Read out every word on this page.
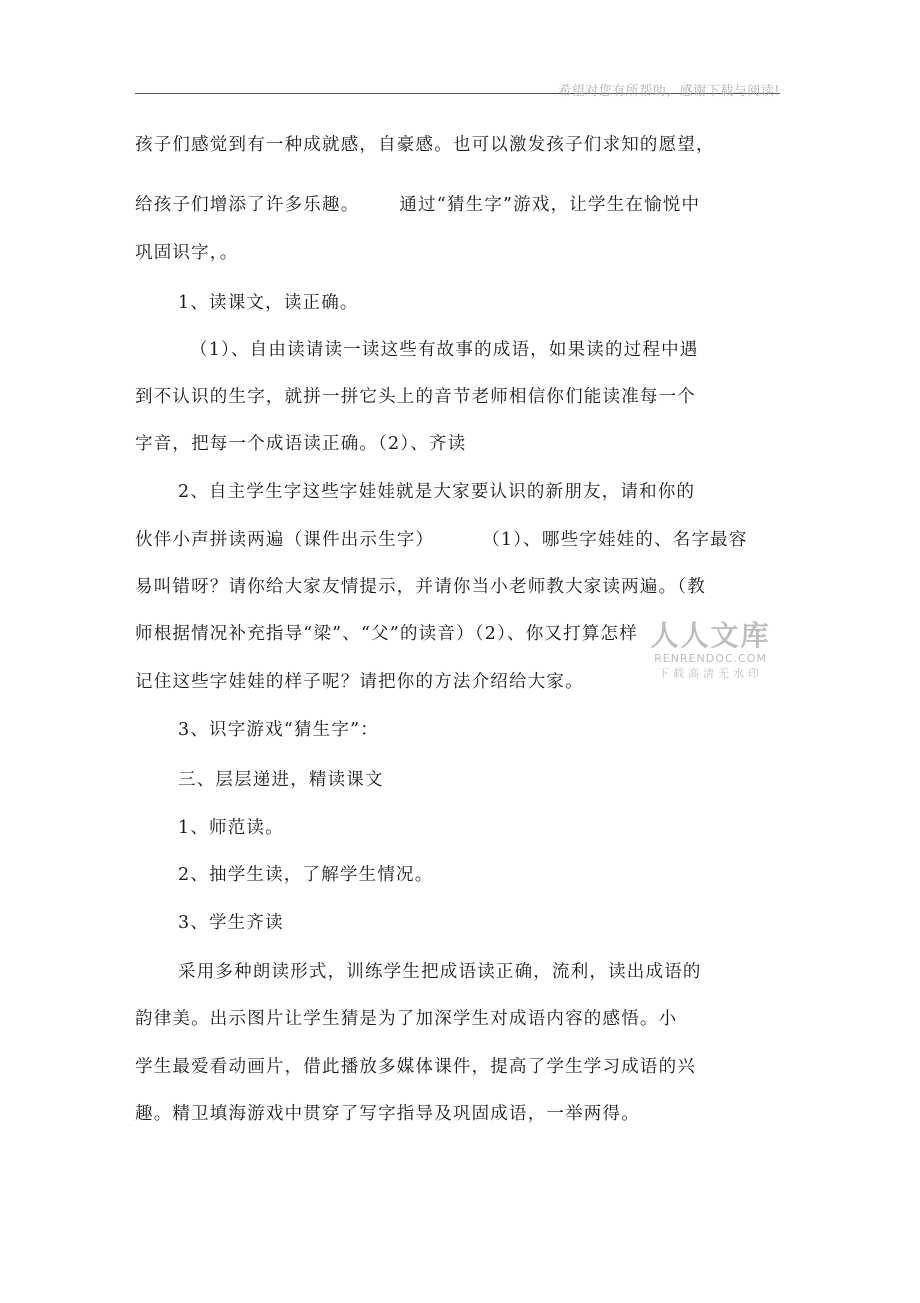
希望对您有所帮助，感谢下载与阅读!
孩子们感觉到有一种成就感，自豪感。也可以激发孩子们求知的愿望，
给孩子们增添了许多乐趣。 通过“猜生字”游戏，让学生在愉悦中
巩固识字，。
1、读课文，读正确。
（1）、自由读请读一读这些有故事的成语，如果读的过程中遇
到不认识的生字，就拼一拼它头上的音节老师相信你们能读准每一个
字音，把每一个成语读正确。（2）、齐读
2、自主学生字这些字娃娃就是大家要认识的新朋友，请和你的
伙伴小声拼读两遍（课件出示生字）	（1）、哪些字娃娃的、名字最容
易叫错呀？请你给大家友情提示，并请你当小老师教大家读两遍。（教
师根据情况补充指导“梁”、“父”的读音）（2）、你又打算怎样
记住这些字娃娃的样子呢？请把你的方法介绍给大家。
3、识字游戏“猜生字”：
三、层层递进，精读课文
1、师范读。
2、抽学生读，了解学生情况。
3、学生齐读
采用多种朗读形式，训练学生把成语读正确，流利，读出成语的
韵律美。出示图片让学生猜是为了加深学生对成语内容的感悟。小
学生最爱看动画片，借此播放多媒体课件，提高了学生学习成语的兴
趣。精卫填海游戏中贯穿了写字指导及巩固成语，一举两得。
人人文库
RENRENDOC.COM
下载高清无水印
